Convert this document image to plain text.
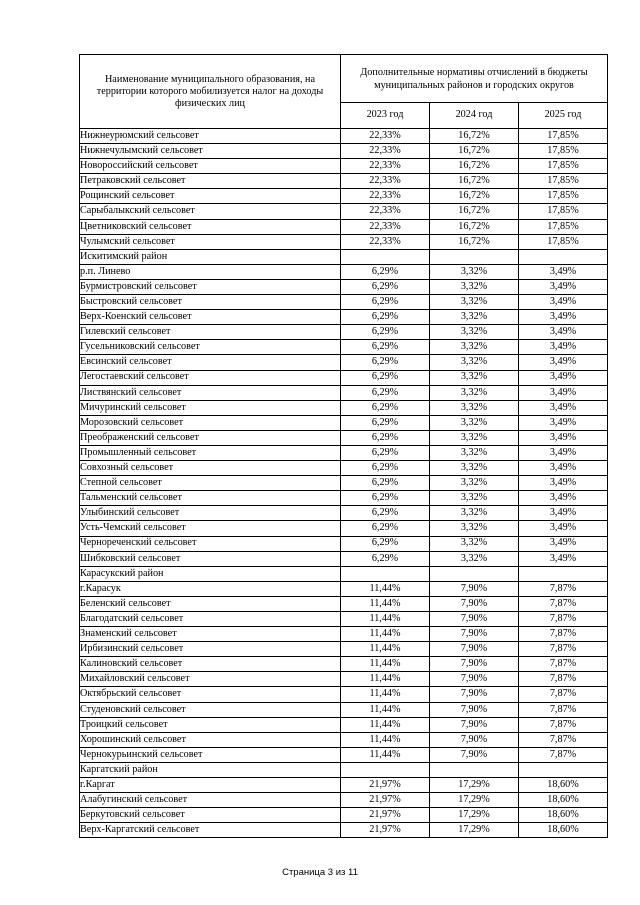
Наименование муниципального образования, на территории которого мобилизуется налог на доходы физических лиц	Дополнительные нормативы отчислений в бюджеты муниципальных районов и городских округов		
	2023 год	2024 год	2025 год
Нижнеурюмский сельсовет	22,33%	16,72%	17,85%
Нижнечулымский сельсовет	22,33%	16,72%	17,85%
Новороссийский сельсовет	22,33%	16,72%	17,85%
Петраковский сельсовет	22,33%	16,72%	17,85%
Рощинский сельсовет	22,33%	16,72%	17,85%
Сарыбалыкский сельсовет	22,33%	16,72%	17,85%
Цветниковский сельсовет	22,33%	16,72%	17,85%
Чулымский сельсовет	22,33%	16,72%	17,85%
Искитимский район			
р.п. Линево	6,29%	3,32%	3,49%
Бурмистровский сельсовет	6,29%	3,32%	3,49%
Быстровский сельсовет	6,29%	3,32%	3,49%
Верх-Коенский сельсовет	6,29%	3,32%	3,49%
Гилевский сельсовет	6,29%	3,32%	3,49%
Гусельниковский сельсовет	6,29%	3,32%	3,49%
Евсинский сельсовет	6,29%	3,32%	3,49%
Легостаевский сельсовет	6,29%	3,32%	3,49%
Листвянский сельсовет	6,29%	3,32%	3,49%
Мичуринский сельсовет	6,29%	3,32%	3,49%
Морозовский сельсовет	6,29%	3,32%	3,49%
Преображенский сельсовет	6,29%	3,32%	3,49%
Промышленный сельсовет	6,29%	3,32%	3,49%
Совхозный сельсовет	6,29%	3,32%	3,49%
Степной сельсовет	6,29%	3,32%	3,49%
Тальменский сельсовет	6,29%	3,32%	3,49%
Улыбинский сельсовет	6,29%	3,32%	3,49%
Усть-Чемский сельсовет	6,29%	3,32%	3,49%
Чернореченский сельсовет	6,29%	3,32%	3,49%
Шибковский сельсовет	6,29%	3,32%	3,49%
Карасукский район			
г.Карасук	11,44%	7,90%	7,87%
Беленский сельсовет	11,44%	7,90%	7,87%
Благодатский сельсовет	11,44%	7,90%	7,87%
Знаменский сельсовет	11,44%	7,90%	7,87%
Ирбизинский сельсовет	11,44%	7,90%	7,87%
Калиновский сельсовет	11,44%	7,90%	7,87%
Михайловский сельсовет	11,44%	7,90%	7,87%
Октябрьский сельсовет	11,44%	7,90%	7,87%
Студеновский сельсовет	11,44%	7,90%	7,87%
Троицкий сельсовет	11,44%	7,90%	7,87%
Хорошинский сельсовет	11,44%	7,90%	7,87%
Чернокурьинский сельсовет	11,44%	7,90%	7,87%
Каргатский район			
г.Каргат	21,97%	17,29%	18,60%
Алабугинский сельсовет	21,97%	17,29%	18,60%
Беркутовский сельсовет	21,97%	17,29%	18,60%
Верх-Каргатский сельсовет	21,97%	17,29%	18,60%
Страница 3 из 11
